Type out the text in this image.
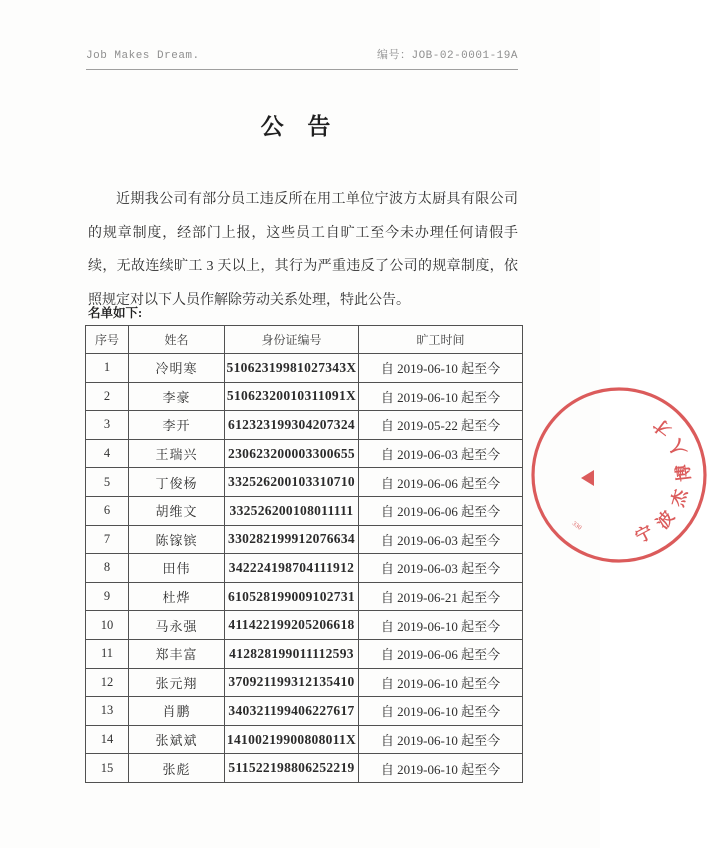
Job Makes Dream.	编号：JOB-02-0001-19A
公 告

近期我公司有部分员工违反所在用工单位宁波方太厨具有限公司的规章制度，经部门上报，这些员工自旷工至今未办理任何请假手续，无故连续旷工 3 天以上，其行为严重违反了公司的规章制度，依照规定对以下人员作解除劳动关系处理，特此公告。

名单如下:
序号	姓名	身份证编号	旷工时间
1	冷明寒	51062319981027343X	自 2019-06-10 起至今
2	李豪	51062320010311091X	自 2019-06-10 起至今
3	李开	612323199304207324	自 2019-05-22 起至今
4	王瑞兴	230623200003300655	自 2019-06-03 起至今
5	丁俊杨	332526200103310710	自 2019-06-06 起至今
6	胡维文	332526200108011111	自 2019-06-06 起至今
7	陈镓镔	330282199912076634	自 2019-06-03 起至今
8	田伟	342224198704111912	自 2019-06-03 起至今
9	杜烨	610528199009102731	自 2019-06-21 起至今
10	马永强	411422199205206618	自 2019-06-10 起至今
11	郑丰富	412828199011112593	自 2019-06-06 起至今
12	张元翔	370921199312135410	自 2019-06-10 起至今
13	肖鹏	340321199406227617	自 2019-06-10 起至今
14	张斌斌	14100219900808011X	自 2019-06-10 起至今
15	张彪	511522198806252219	自 2019-06-10 起至今
宁波杰博人才
330
